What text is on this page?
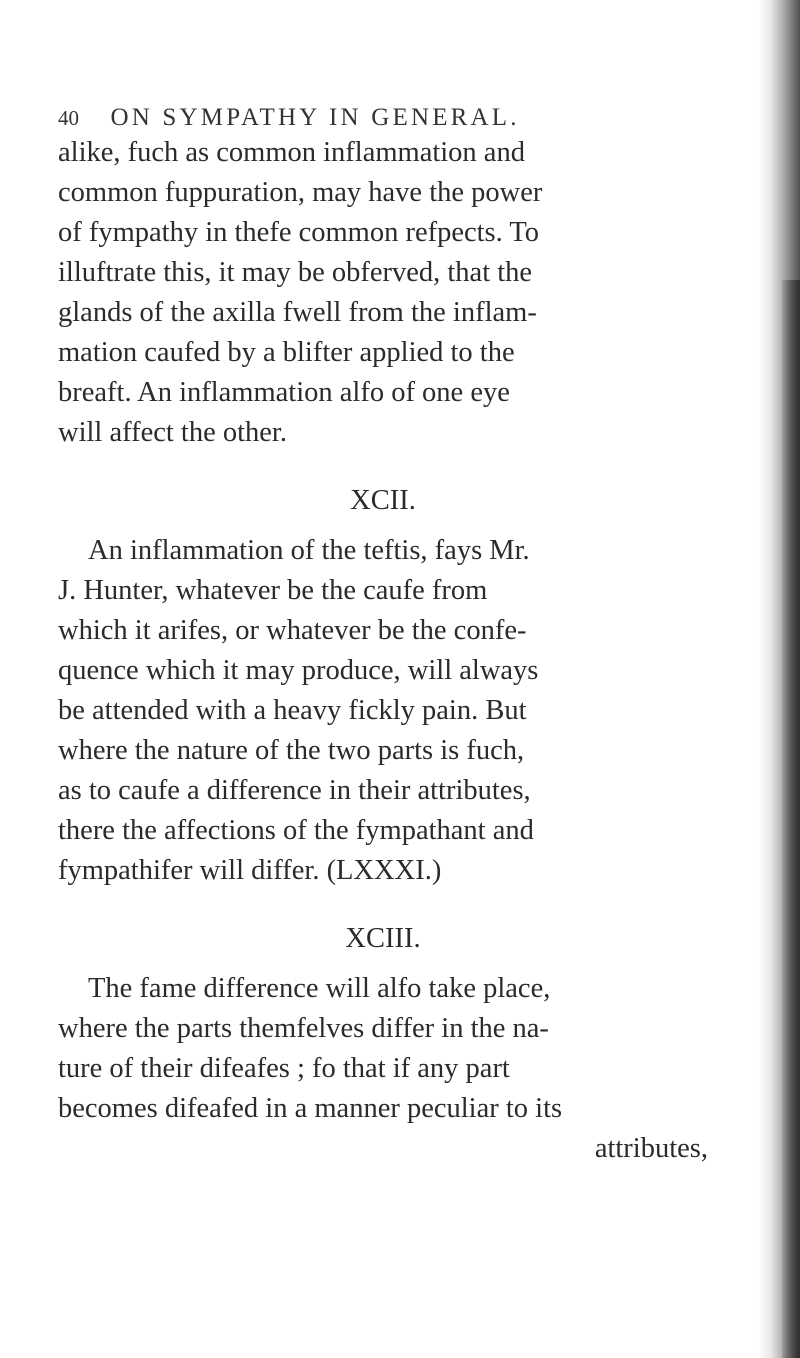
40 ON SYMPATHY IN GENERAL.
alike, fuch as common inflammation and
common fuppuration, may have the power
of fympathy in thefe common refpects. To
illuftrate this, it may be obferved, that the
glands of the axilla fwell from the inflam-
mation caufed by a blifter applied to the
breaft. An inflammation alfo of one eye
will affect the other.
XCII.
An inflammation of the teftis, fays Mr.
J. Hunter, whatever be the caufe from
which it arifes, or whatever be the confe-
quence which it may produce, will always
be attended with a heavy fickly pain. But
where the nature of the two parts is fuch,
as to caufe a difference in their attributes,
there the affections of the fympathant and
fympathifer will differ. (LXXXI.)
XCIII.
The fame difference will alfo take place,
where the parts themfelves differ in the na-
ture of their difeafes ; fo that if any part
becomes difeafed in a manner peculiar to its
attributes,
